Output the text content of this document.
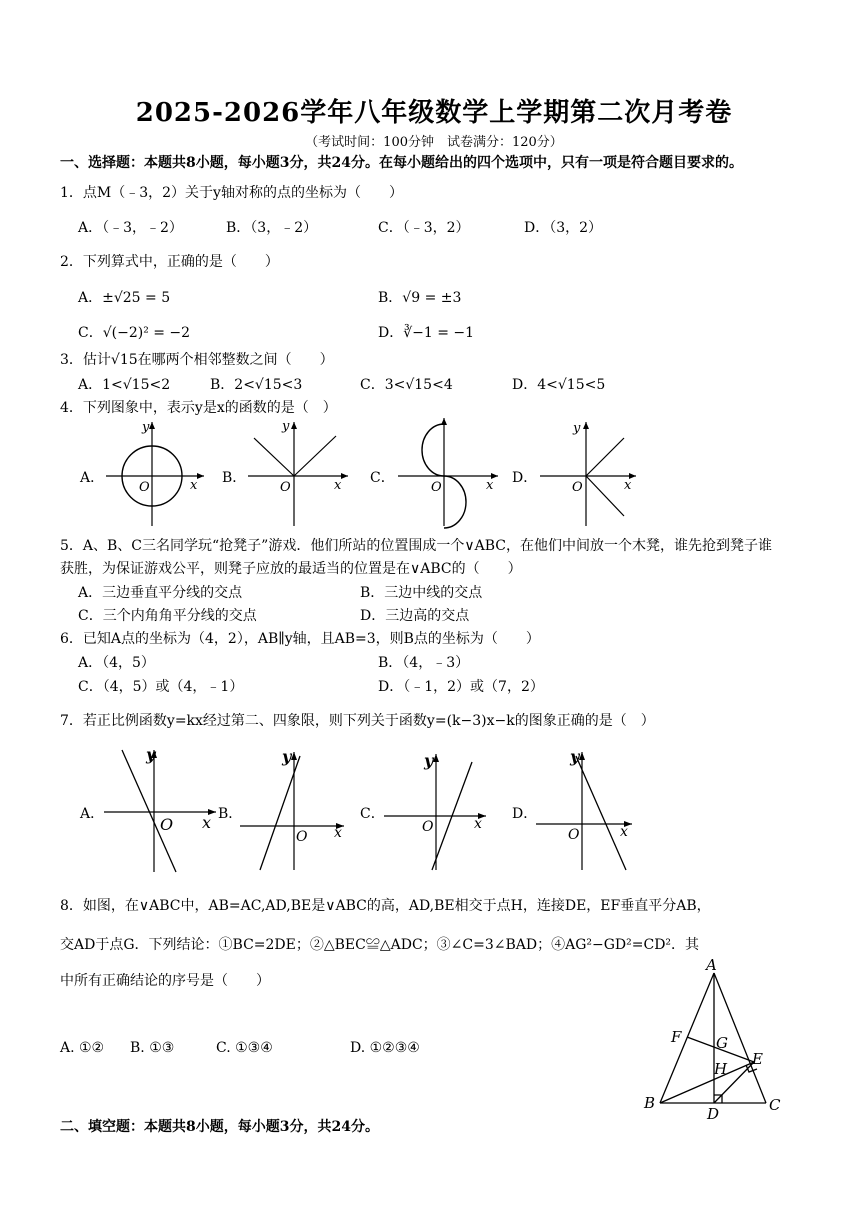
2025-2026学年八年级数学上学期第二次月考卷
（考试时间：100分钟　试卷满分：120分）
一、选择题：本题共8小题，每小题3分，共24分。在每小题给出的四个选项中，只有一项是符合题目要求的。
1．点M（﹣3，2）关于y轴对称的点的坐标为（　　）
A．（﹣3，﹣2）	B．（3，﹣2）	C．（﹣3，2）	D．（3，2）
2．下列算式中，正确的是（　　）
A．±√25 = 5	B．√9 = ±3
C．√(−2)² = −2	D．∛−1 = −1
3．估计√15在哪两个相邻整数之间（　　）
A．1<√15<2	B．2<√15<3	C．3<√15<4	D．4<√15<5
4．下列图象中，表示y是x的函数的是（　）
A．	B．	C．	D．
O	x
y
O	x
y
O	x	O	x
y
5．A、B、C三名同学玩“抢凳子”游戏．他们所站的位置围成一个∨ABC，在他们中间放一个木凳，谁先抢到凳子谁
获胜，为保证游戏公平，则凳子应放的最适当的位置是在∨ABC的（　　）
A．三边垂直平分线的交点	B．三边中线的交点
C．三个内角角平分线的交点	D．三边高的交点
6．已知A点的坐标为（4，2），AB∥y轴，且AB=3，则B点的坐标为（　　）
A．（4，5）	B．（4，﹣3）
C．（4，5）或（4，﹣1）	D．（﹣1，2）或（7，2）
7．若正比例函数y=kx经过第二、四象限，则下列关于函数y=(k−3)x−k的图象正确的是（　）
A．	B．	C．	D．
O x
y
O x
y
O	x
y
O	x
y
8．如图，在∨ABC中，AB=AC,AD,BE是∨ABC的高，AD,BE相交于点H，连接DE，EF垂直平分AB，
交AD于点G．下列结论：①BC=2DE；②△BEC≌△ADC；③∠C=3∠BAD；④AG²−GD²=CD²．其
中所有正确结论的序号是（　　）
A. ①② B. ①③	C. ①③④	D. ①②③④
A
F G
E
H
B
D	C
二、填空题：本题共8小题，每小题3分，共24分。
